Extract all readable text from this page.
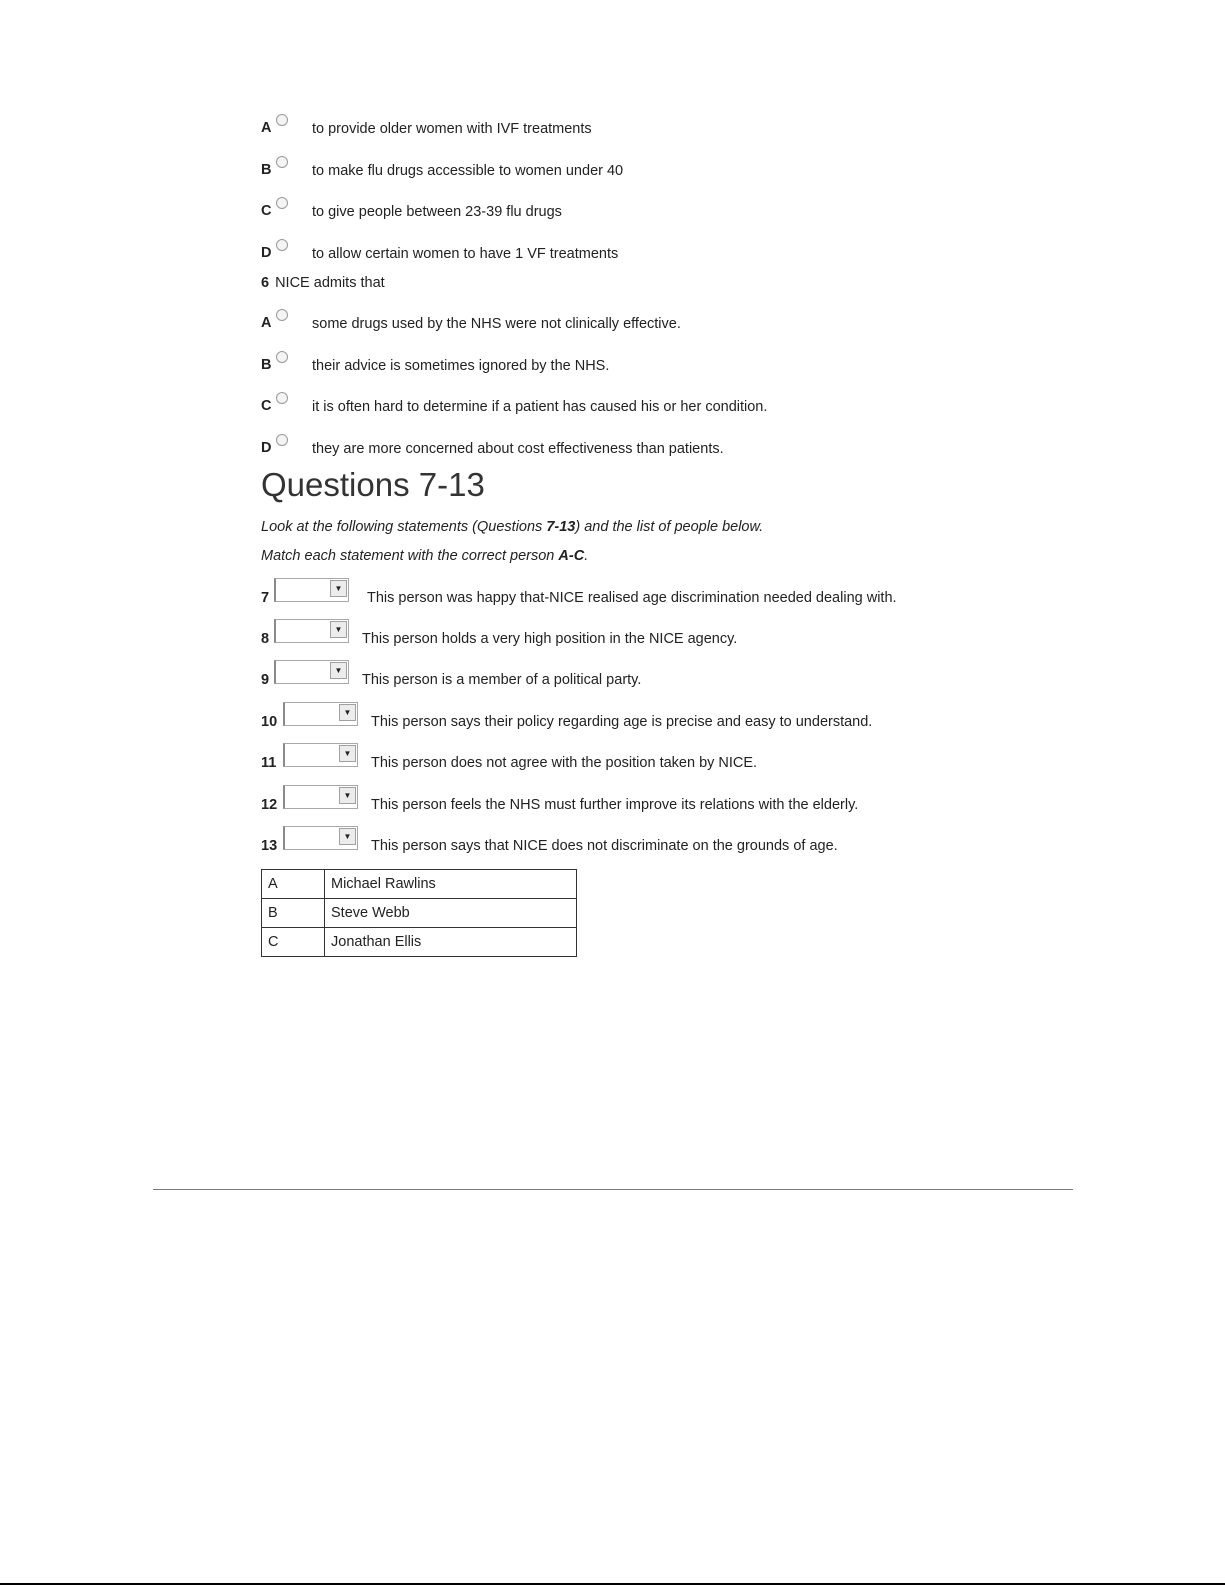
A	to provide older women with IVF treatments
B	to make flu drugs accessible to women under 40
C	to give people between 23-39 flu drugs
D	to allow certain women to have 1 VF treatments
6 NICE admits that
A	some drugs used by the NHS were not clinically effective.
B	their advice is sometimes ignored by the NHS.
C	it is often hard to determine if a patient has caused his or her condition.
D	they are more concerned about cost effectiveness than patients.
Questions 7-13
Look at the following statements (Questions 7-13) and the list of people below.
Match each statement with the correct person A-C.
7
▼
This person was happy that-NICE realised age discrimination needed dealing with.
8
▼
This person holds a very high position in the NICE agency.
9
▼
This person is a member of a political party.
10
▼
This person says their policy regarding age is precise and easy to understand.
11
▼
This person does not agree with the position taken by NICE.
12
▼
This person feels the NHS must further improve its relations with the elderly.
13
▼
This person says that NICE does not discriminate on the grounds of age.
A	Michael Rawlins
B	Steve Webb
C	Jonathan Ellis
